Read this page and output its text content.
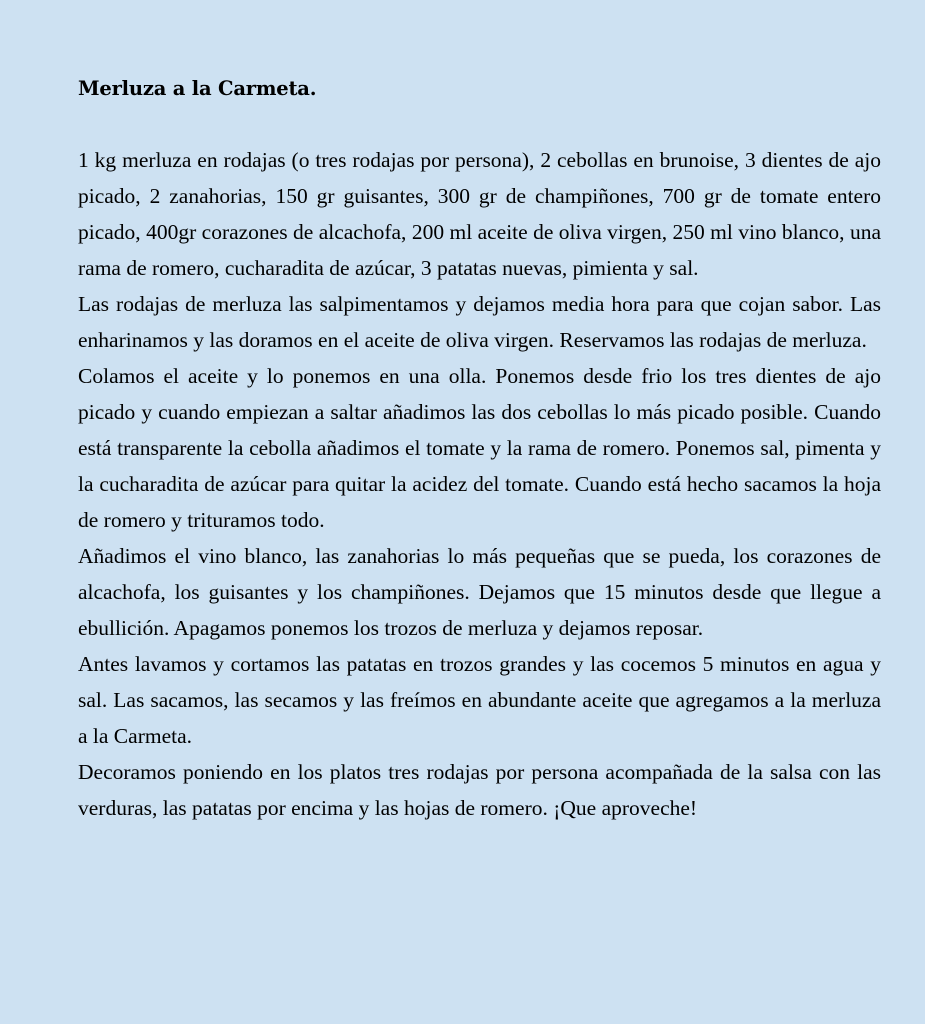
Merluza a la Carmeta.

1 kg merluza en rodajas (o tres rodajas por persona), 2 cebollas en brunoise, 3 dientes de ajo picado, 2 zanahorias, 150 gr guisantes, 300 gr de champiñones, 700 gr de tomate entero picado, 400gr corazones de alcachofa, 200 ml aceite de oliva virgen, 250 ml vino blanco, una rama de romero, cucharadita de azúcar, 3 patatas nuevas, pimienta y sal.

Las rodajas de merluza las salpimentamos y dejamos media hora para que cojan sabor. Las enharinamos y las doramos en el aceite de oliva virgen. Reservamos las rodajas de merluza.

Colamos el aceite y lo ponemos en una olla. Ponemos desde frio los tres dientes de ajo picado y cuando empiezan a saltar añadimos las dos cebollas lo más picado posible. Cuando está transparente la cebolla añadimos el tomate y la rama de romero. Ponemos sal, pimenta y la cucharadita de azúcar para quitar la acidez del tomate. Cuando está hecho sacamos la hoja de romero y trituramos todo.

Añadimos el vino blanco, las zanahorias lo más pequeñas que se pueda, los corazones de alcachofa, los guisantes y los champiñones. Dejamos que 15 minutos desde que llegue a ebullición. Apagamos ponemos los trozos de merluza y dejamos reposar.

Antes lavamos y cortamos las patatas en trozos grandes y las cocemos 5 minutos en agua y sal. Las sacamos, las secamos y las freímos en abundante aceite que agregamos a la merluza a la Carmeta.

Decoramos poniendo en los platos tres rodajas por persona acompañada de la salsa con las verduras, las patatas por encima y las hojas de romero. ¡Que aproveche!
